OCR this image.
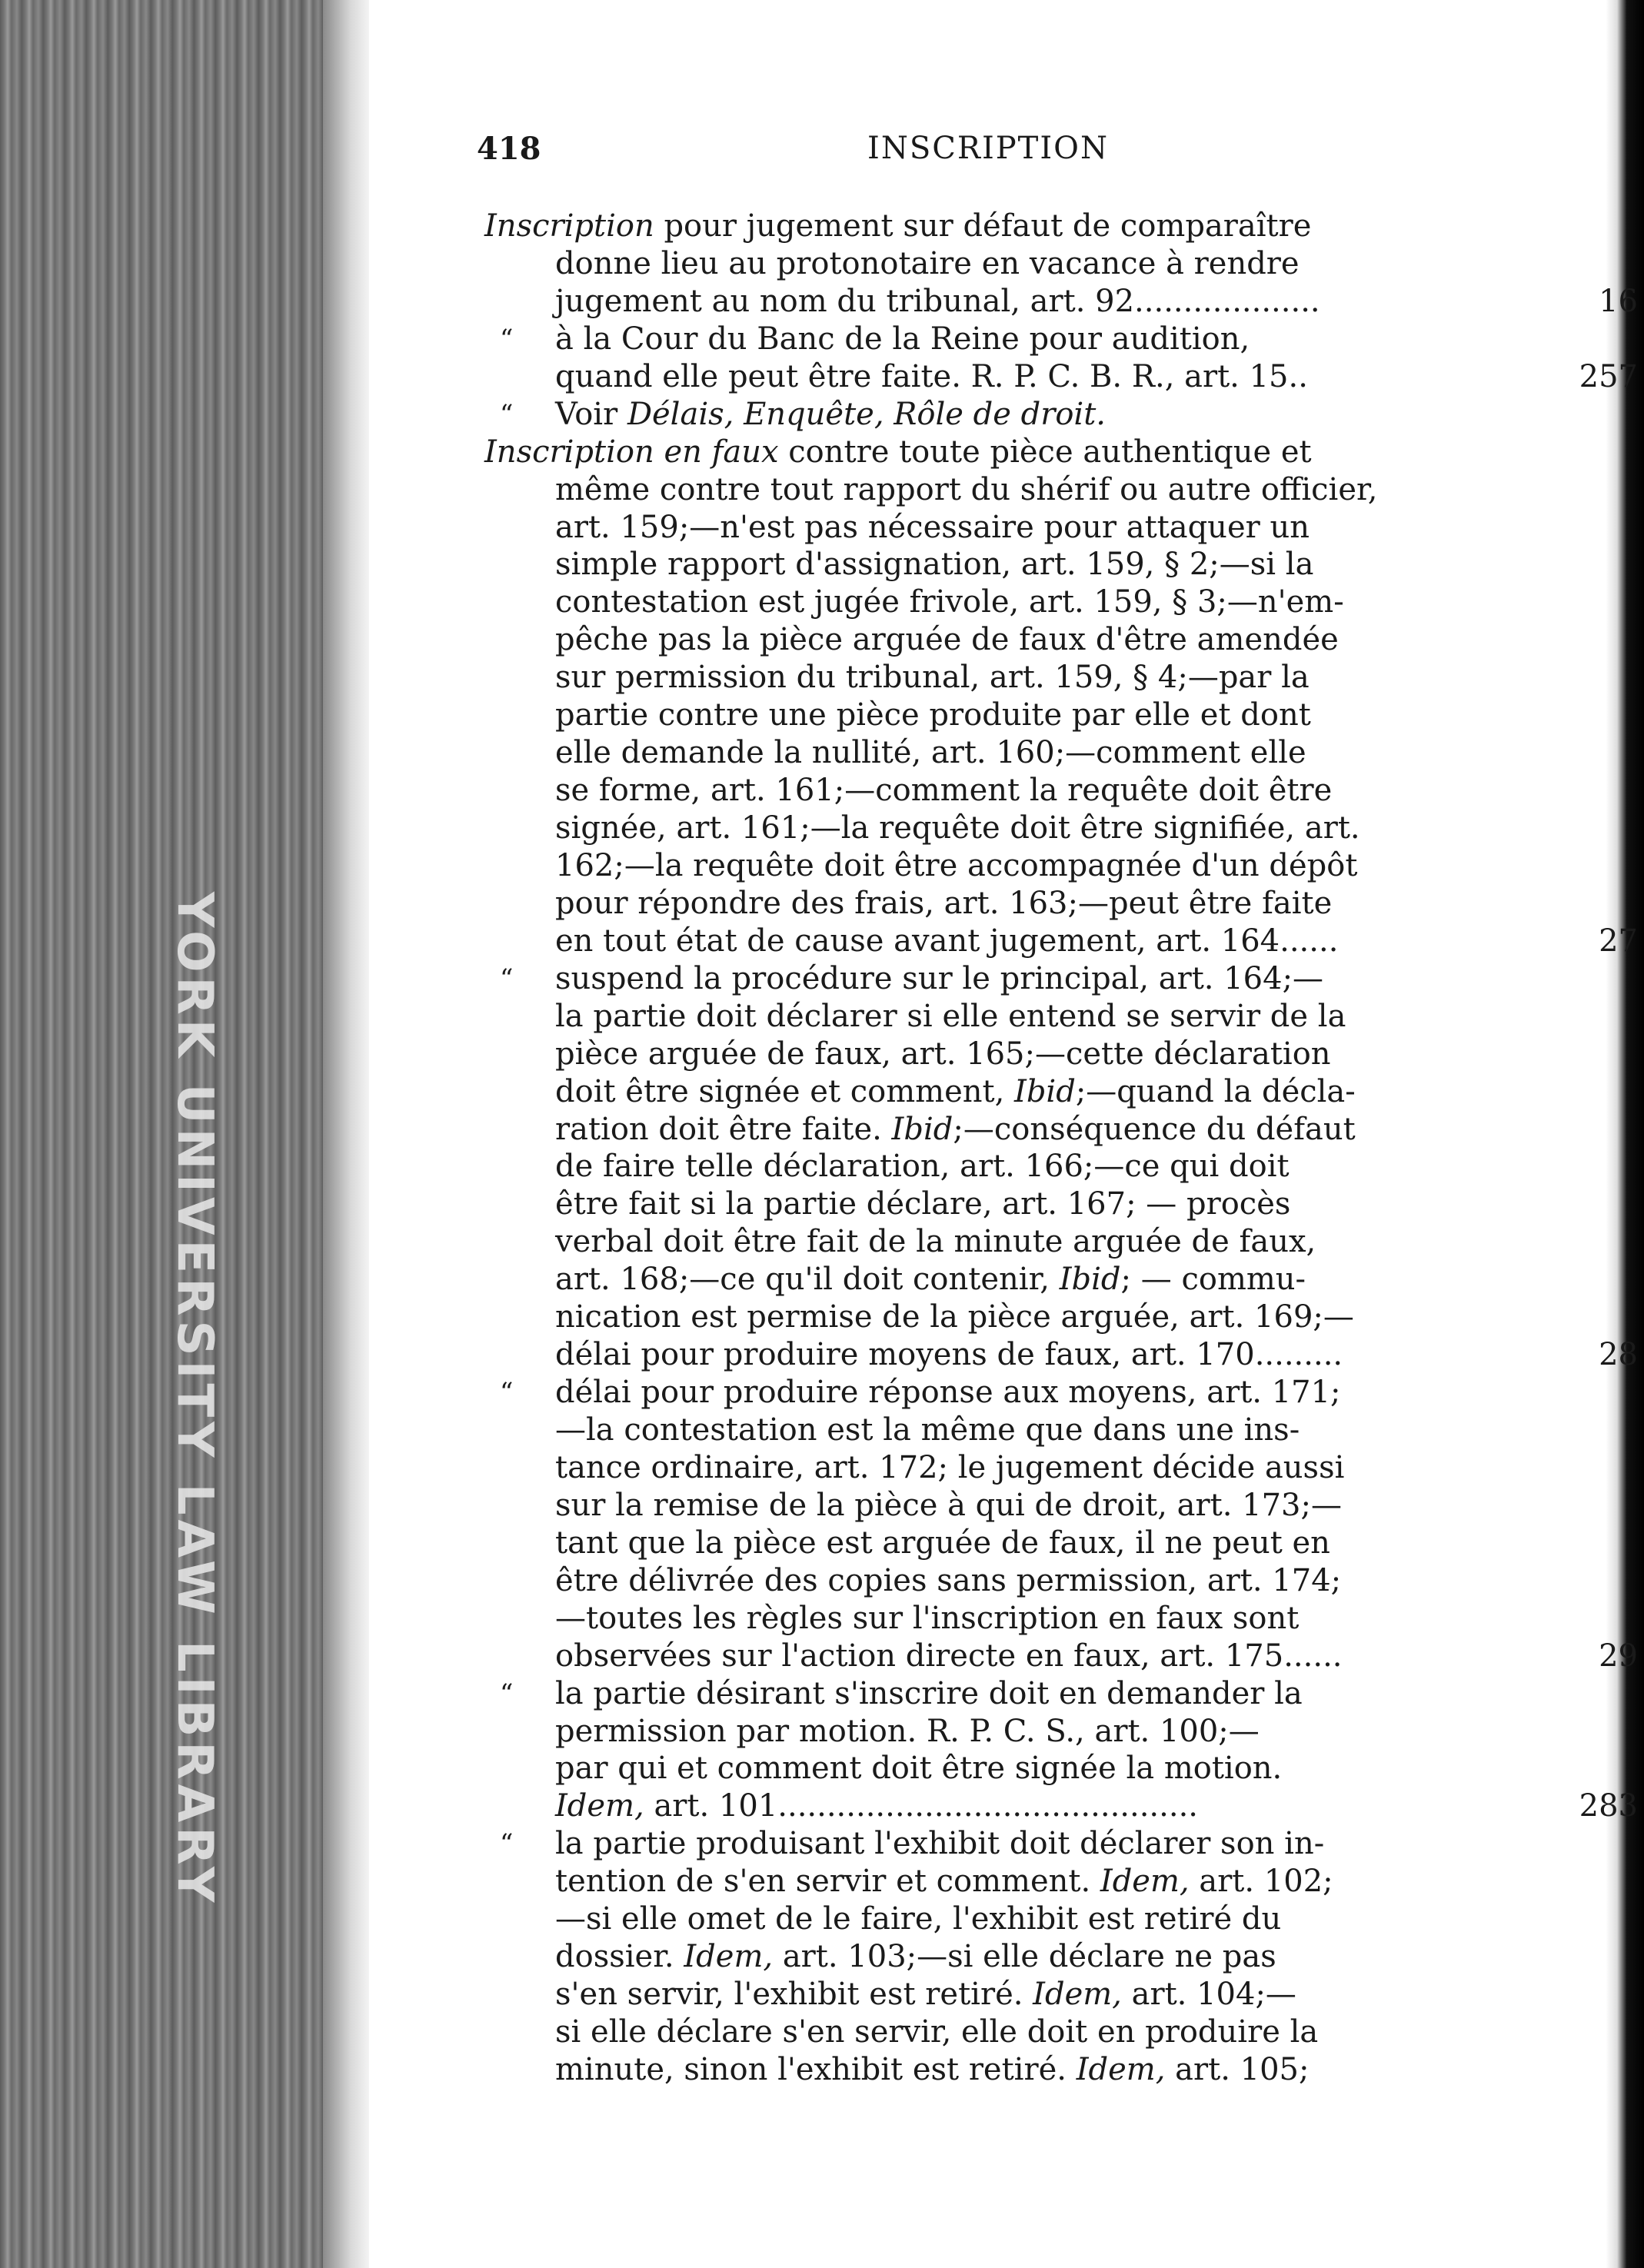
YORK UNIVERSITY LAW LIBRARY
418	INSCRIPTION
Inscription pour jugement sur défaut de comparaître
donne lieu au protonotaire en vacance à rendre
jugement au nom du tribunal, art. 92...................	16
“ à la Cour du Banc de la Reine pour audition,
quand elle peut être faite. R. P. C. B. R., art. 15..	257
“ Voir Délais, Enquête, Rôle de droit.
Inscription en faux contre toute pièce authentique et
même contre tout rapport du shérif ou autre officier,
art. 159;—n'est pas nécessaire pour attaquer un
simple rapport d'assignation, art. 159, § 2;—si la
contestation est jugée frivole, art. 159, § 3;—n'em-
pêche pas la pièce arguée de faux d'être amendée
sur permission du tribunal, art. 159, § 4;—par la
partie contre une pièce produite par elle et dont
elle demande la nullité, art. 160;—comment elle
se forme, art. 161;—comment la requête doit être
signée, art. 161;—la requête doit être signifiée, art.
162;—la requête doit être accompagnée d'un dépôt
pour répondre des frais, art. 163;—peut être faite
en tout état de cause avant jugement, art. 164......	27
“ suspend la procédure sur le principal, art. 164;—
la partie doit déclarer si elle entend se servir de la
pièce arguée de faux, art. 165;—cette déclaration
doit être signée et comment, Ibid;—quand la décla-
ration doit être faite. Ibid;—conséquence du défaut
de faire telle déclaration, art. 166;—ce qui doit
être fait si la partie déclare, art. 167; — procès
verbal doit être fait de la minute arguée de faux,
art. 168;—ce qu'il doit contenir, Ibid; — commu-
nication est permise de la pièce arguée, art. 169;—
délai pour produire moyens de faux, art. 170.........	28
“ délai pour produire réponse aux moyens, art. 171;
—la contestation est la même que dans une ins-
tance ordinaire, art. 172; le jugement décide aussi
sur la remise de la pièce à qui de droit, art. 173;—
tant que la pièce est arguée de faux, il ne peut en
être délivrée des copies sans permission, art. 174;
—toutes les règles sur l'inscription en faux sont
observées sur l'action directe en faux, art. 175......	29
“ la partie désirant s'inscrire doit en demander la
permission par motion. R. P. C. S., art. 100;—
par qui et comment doit être signée la motion.
Idem, art. 101...........................................	283
“ la partie produisant l'exhibit doit déclarer son in-
tention de s'en servir et comment. Idem, art. 102;
—si elle omet de le faire, l'exhibit est retiré du
dossier. Idem, art. 103;—si elle déclare ne pas
s'en servir, l'exhibit est retiré. Idem, art. 104;—
si elle déclare s'en servir, elle doit en produire la
minute, sinon l'exhibit est retiré. Idem, art. 105;
